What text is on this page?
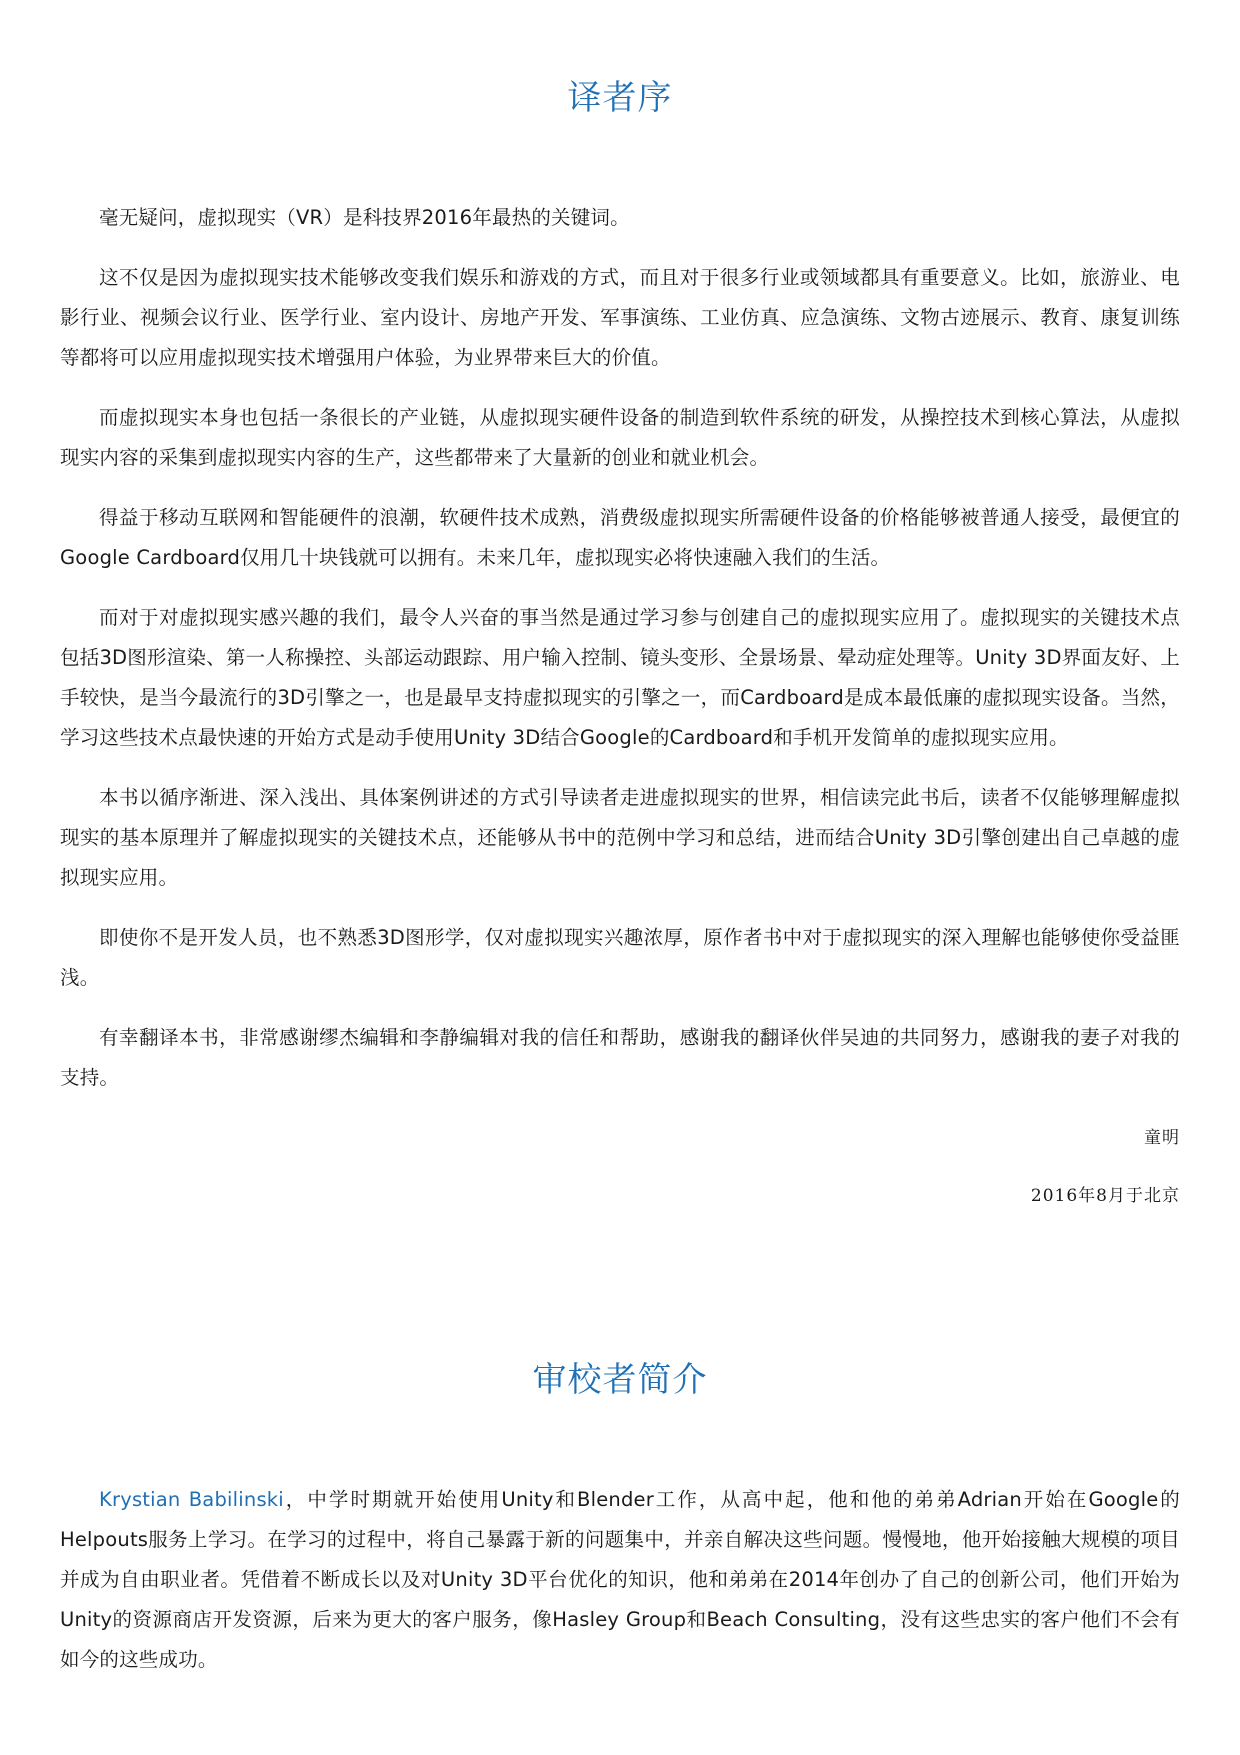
译者序

毫无疑问，虚拟现实（VR）是科技界2016年最热的关键词。

这不仅是因为虚拟现实技术能够改变我们娱乐和游戏的方式，而且对于很多行业或领域都具有重要意义。比如，旅游业、电影行业、视频会议行业、医学行业、室内设计、房地产开发、军事演练、工业仿真、应急演练、文物古迹展示、教育、康复训练等都将可以应用虚拟现实技术增强用户体验，为业界带来巨大的价值。

而虚拟现实本身也包括一条很长的产业链，从虚拟现实硬件设备的制造到软件系统的研发，从操控技术到核心算法，从虚拟现实内容的采集到虚拟现实内容的生产，这些都带来了大量新的创业和就业机会。

得益于移动互联网和智能硬件的浪潮，软硬件技术成熟，消费级虚拟现实所需硬件设备的价格能够被普通人接受，最便宜的Google Cardboard仅用几十块钱就可以拥有。未来几年，虚拟现实必将快速融入我们的生活。

而对于对虚拟现实感兴趣的我们，最令人兴奋的事当然是通过学习参与创建自己的虚拟现实应用了。虚拟现实的关键技术点包括3D图形渲染、第一人称操控、头部运动跟踪、用户输入控制、镜头变形、全景场景、晕动症处理等。Unity 3D界面友好、上手较快，是当今最流行的3D引擎之一，也是最早支持虚拟现实的引擎之一，而Cardboard是成本最低廉的虚拟现实设备。当然，学习这些技术点最快速的开始方式是动手使用Unity 3D结合Google的Cardboard和手机开发简单的虚拟现实应用。

本书以循序渐进、深入浅出、具体案例讲述的方式引导读者走进虚拟现实的世界，相信读完此书后，读者不仅能够理解虚拟现实的基本原理并了解虚拟现实的关键技术点，还能够从书中的范例中学习和总结，进而结合Unity 3D引擎创建出自己卓越的虚拟现实应用。

即使你不是开发人员，也不熟悉3D图形学，仅对虚拟现实兴趣浓厚，原作者书中对于虚拟现实的深入理解也能够使你受益匪浅。

有幸翻译本书，非常感谢缪杰编辑和李静编辑对我的信任和帮助，感谢我的翻译伙伴吴迪的共同努力，感谢我的妻子对我的支持。

童明

2016年8月于北京

审校者简介

Krystian Babilinski，中学时期就开始使用Unity和Blender工作，从高中起，他和他的弟弟Adrian开始在Google的Helpouts服务上学习。在学习的过程中，将自己暴露于新的问题集中，并亲自解决这些问题。慢慢地，他开始接触大规模的项目并成为自由职业者。凭借着不断成长以及对Unity 3D平台优化的知识，他和弟弟在2014年创办了自己的创新公司，他们开始为Unity的资源商店开发资源，后来为更大的客户服务，像Hasley Group和Beach Consulting，没有这些忠实的客户他们不会有如今的这些成功。
